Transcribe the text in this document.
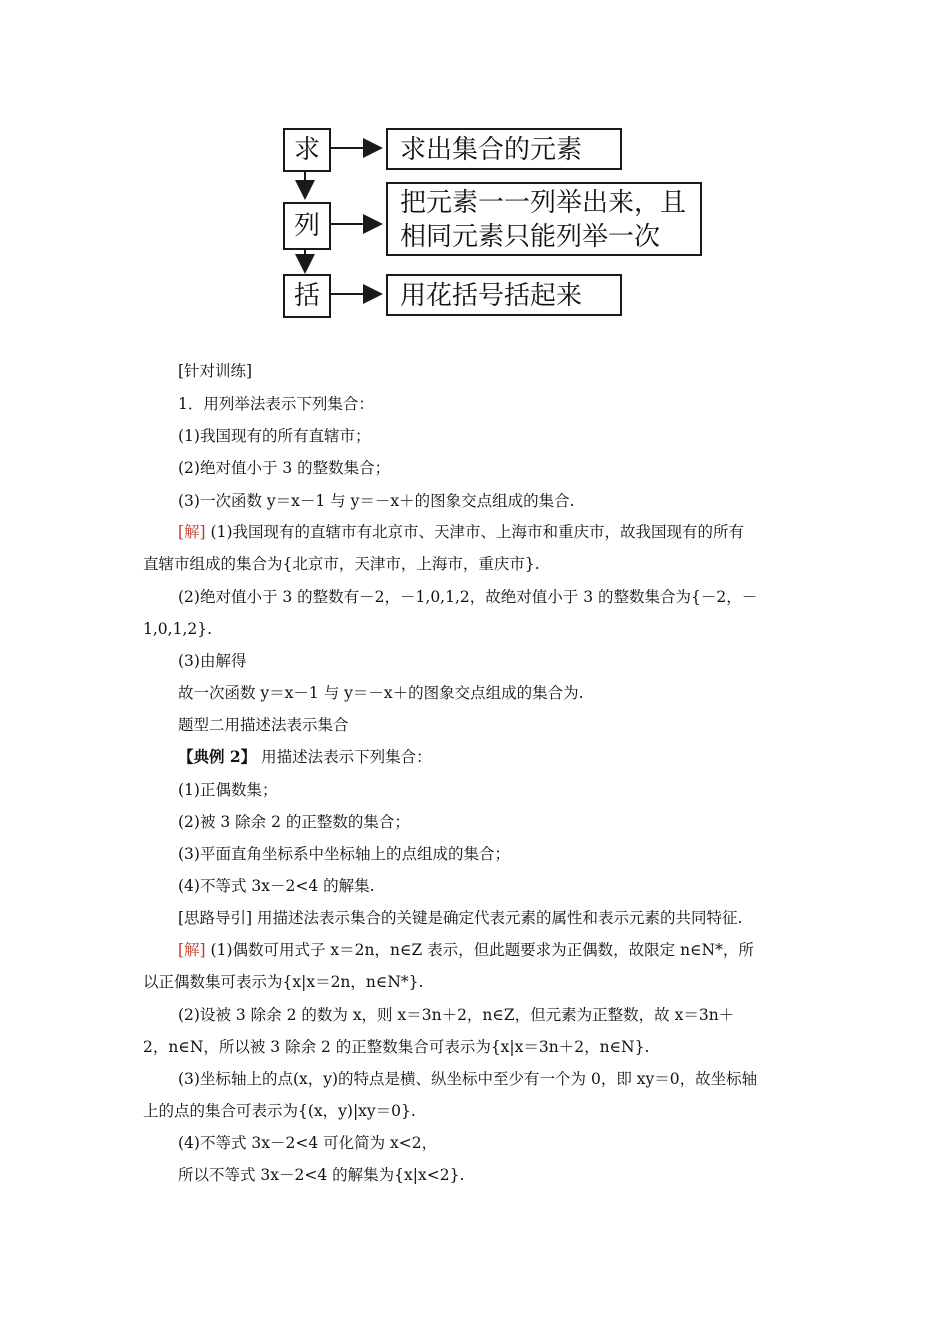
求
列
括
求出集合的元素
把元素一一列举出来，且
相同元素只能列举一次
用花括号括起来
[针对训练]
1．用列举法表示下列集合：
(1)我国现有的所有直辖市；
(2)绝对值小于 3 的整数集合；
(3)一次函数 y＝x－1 与 y＝－x＋的图象交点组成的集合.
[解] (1)我国现有的直辖市有北京市、天津市、上海市和重庆市，故我国现有的所有
直辖市组成的集合为{北京市，天津市，上海市，重庆市}.
(2)绝对值小于 3 的整数有－2，－1,0,1,2，故绝对值小于 3 的整数集合为{－2，－
1,0,1,2}.
(3)由解得
故一次函数 y＝x－1 与 y＝－x＋的图象交点组成的集合为.
题型二用描述法表示集合
【典例 2】 用描述法表示下列集合：
(1)正偶数集；
(2)被 3 除余 2 的正整数的集合；
(3)平面直角坐标系中坐标轴上的点组成的集合；
(4)不等式 3x－2<4 的解集.
[思路导引] 用描述法表示集合的关键是确定代表元素的属性和表示元素的共同特征.
[解] (1)偶数可用式子 x＝2n，n∈Z 表示，但此题要求为正偶数，故限定 n∈N*，所
以正偶数集可表示为{x|x＝2n，n∈N*}.
(2)设被 3 除余 2 的数为 x，则 x＝3n＋2，n∈Z，但元素为正整数，故 x＝3n＋
2，n∈N，所以被 3 除余 2 的正整数集合可表示为{x|x＝3n＋2，n∈N}.
(3)坐标轴上的点(x，y)的特点是横、纵坐标中至少有一个为 0，即 xy＝0，故坐标轴
上的点的集合可表示为{(x，y)|xy＝0}.
(4)不等式 3x－2<4 可化简为 x<2，
所以不等式 3x－2<4 的解集为{x|x<2}.
